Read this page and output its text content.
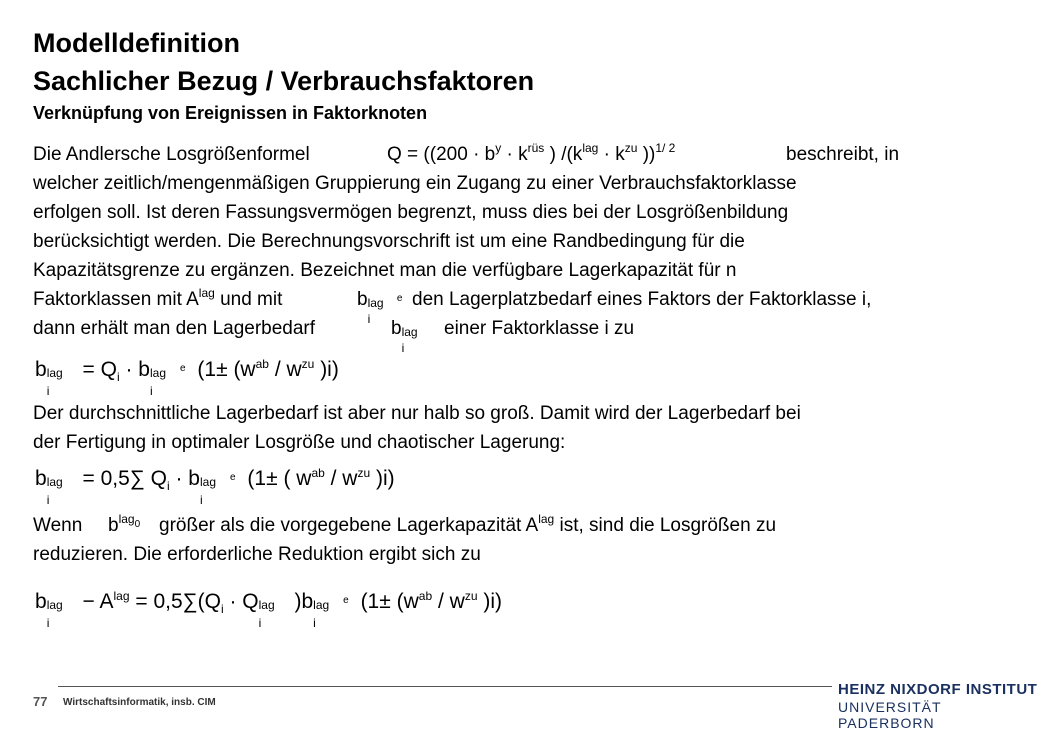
Modelldefinition
Sachlicher Bezug / Verbrauchsfaktoren
Verknüpfung von Ereignissen in Faktorknoten
Die Andlersche Losgrößenformel	$Q = ((200 \cdot b^y \cdot k^{rüs}$ ) $/(k^{lag} \cdot k^{zu}$ ))$^{1/ 2}$	beschreibt, in
welcher zeitlich/mengenmäßigen Gruppierung ein Zugang zu einer Verbrauchsfaktorklasse
erfolgen soll. Ist deren Fassungsvermögen begrenzt, muss dies bei der Losgrößenbildung
berücksichtigt werden. Die Berechnungsvorschrift ist um eine Randbedingung für die
Kapazitätsgrenze zu ergänzen. Bezeichnet man die verfügbare Lagerkapazität für n
Faktorklassen mit $A^{lag}$ und mit	b lag
i
$^e$ den Lagerplatzbedarf eines Faktors der Faktorklasse i,
dann erhält man den Lagerbedarf	b lag
i
einer Faktorklasse i zu
b lag
i
= $Q_i \cdot b$ lag
i
$^e$ ($1\pm (w^{ab} / w^{zu}$ )i)
Der durchschnittliche Lagerbedarf ist aber nur halb so groß. Damit wird der Lagerbedarf bei
der Fertigung in optimaler Losgröße und chaotischer Lagerung:
b lag
i
= 0,5∑ $Q_i \cdot b$ lag
i
$^e$ (1± ( $w^{ab} / w^{zu}$ )i)
Wenn $b^{lag0}$ größer als die vorgegebene Lagerkapazität $A^{lag}$ ist, sind die Losgrößen zu
reduzieren. Die erforderliche Reduktion ergibt sich zu
b lag
i
− $A^{lag} = 0,5\sum(Q_i \cdot Q$ lag
i
)b lag
i
$^e$ ($1\pm (w^{ab} / w^{zu}$ )i)
77 Wirtschaftsinformatik, insb. CIM
HEINZ NIXDORF INSTITUT
UNIVERSITÄT PADERBORN
